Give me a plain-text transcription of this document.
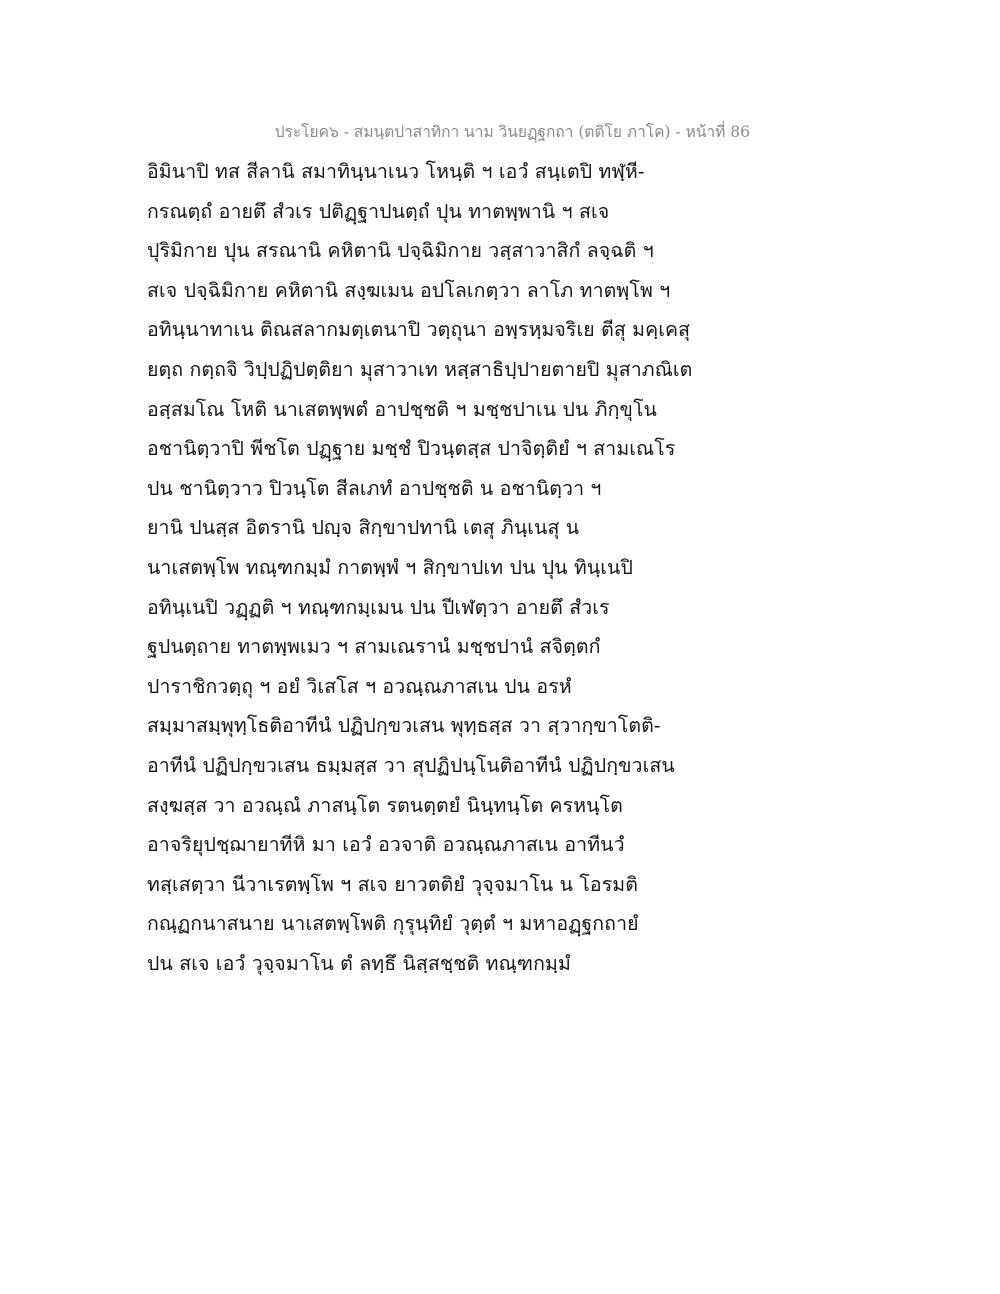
ประโยค๖ - สมนฺตปาสาทิกา นาม วินยฏฺฐกถา (ตติโย ภาโค) - หน้าที่ 86
อิมินาปิ ทส สีลานิ สมาทินฺนาเนว โหนฺติ ฯ เอวํ สนฺเตปิ ทฬฺหี-
กรณตฺถํ อายตึ สํวเร ปติฏฺฐาปนตฺถํ ปุน ทาตพฺพานิ ฯ สเจ
ปุริมิกาย ปุน สรณานิ คหิตานิ ปจฺฉิมิกาย วสฺสาวาสิกํ ลจฺฉติ ฯ
สเจ ปจฺฉิมิกาย คหิตานิ สงฺฆเมน อปโลเกตฺวา ลาโภ ทาตพฺโพ ฯ
อทินฺนาทาเน ติณสลากมตฺเตนาปิ วตฺถุนา อพฺรหฺมจริเย ตีสุ มคฺเคสุ
ยตฺถ กตฺถจิ วิปฺปฏิปตฺติยา มุสาวาเท หสฺสาธิปฺปายตายปิ มุสาภณิเต
อสฺสมโณ โหติ นาเสตพฺพตํ อาปชฺชติ ฯ มชฺชปาเน ปน ภิกฺขุโน
อชานิตฺวาปิ พีชโต ปฏฺฐาย มชฺชํ ปิวนฺตสฺส ปาจิตฺติยํ ฯ สามเณโร
ปน ชานิตฺวาว ปิวนฺโต สีลเภทํ อาปชฺชติ น อชานิตฺวา ฯ
ยานิ ปนสฺส อิตรานิ ปญฺจ สิกฺขาปทานิ เตสุ ภินฺเนสุ น
นาเสตพฺโพ ทณฺฑกมฺมํ กาตพฺพํ ฯ สิกฺขาปเท ปน ปุน ทินฺเนปิ
อทินฺเนปิ วฏฺฏติ ฯ ทณฺฑกมฺเมน ปน ปีเฬตฺวา อายตึ สํวเร
ฐปนตฺถาย ทาตพฺพเมว ฯ สามเณรานํ มชฺชปานํ สจิตฺตกํ
ปาราชิกวตฺถุ ฯ อยํ วิเสโส ฯ อวณฺณภาสเน ปน อรหํ
สมฺมาสมฺพุทฺโธติอาทีนํ ปฏิปกฺขวเสน พุทฺธสฺส วา สฺวากฺขาโตติ-
อาทีนํ ปฏิปกฺขวเสน ธมฺมสฺส วา สุปฏิปนฺโนติอาทีนํ ปฏิปกฺขวเสน
สงฺฆสฺส วา อวณฺณํ ภาสนฺโต รตนตฺตยํ นินฺทนฺโต ครหนฺโต
อาจริยุปชฺฌายาทีหิ มา เอวํ อวจาติ อวณฺณภาสเน อาทีนวํ
ทสฺเสตฺวา นีวาเรตพฺโพ ฯ สเจ ยาวตติยํ วุจฺจมาโน น โอรมติ
กณฺฏกนาสนาย นาเสตพฺโพติ กุรุนฺทิยํ วุตฺตํ ฯ มหาอฏฺฐกถายํ
ปน สเจ เอวํ วุจฺจมาโน ตํ ลทฺธึ นิสฺสชฺชติ ทณฺฑกมฺมํ
